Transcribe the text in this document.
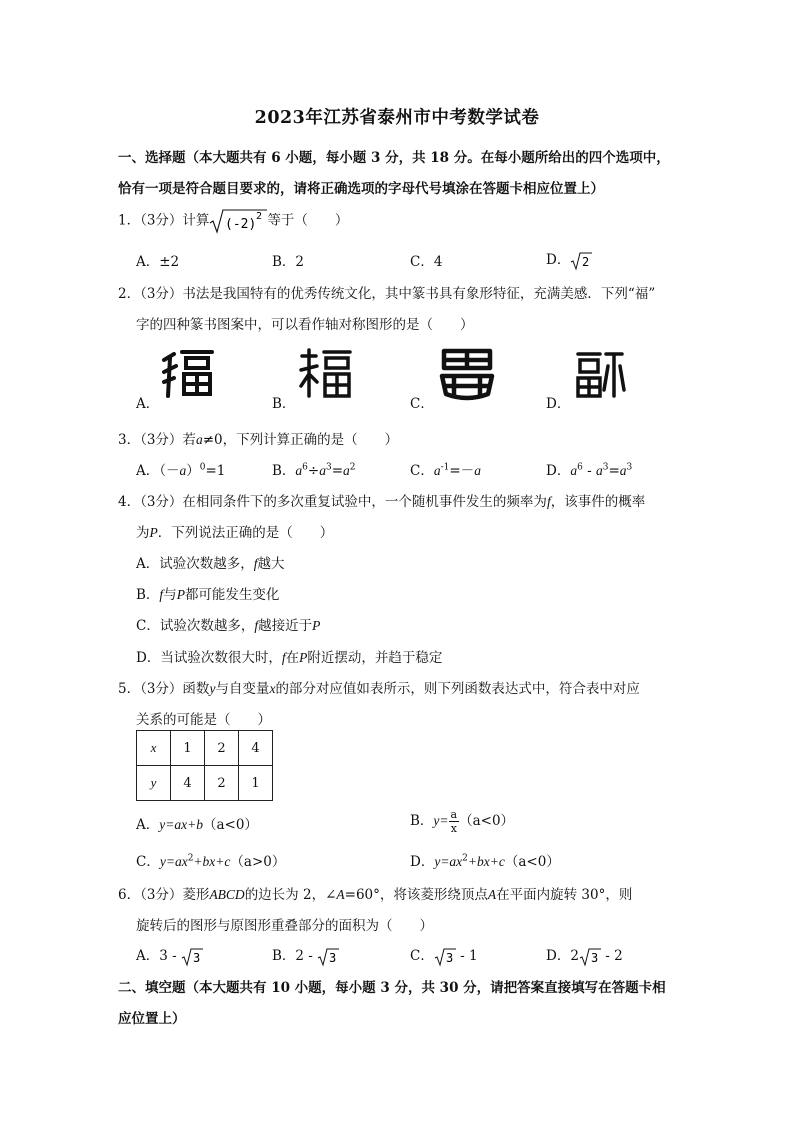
2023年江苏省泰州市中考数学试卷
一、选择题（本大题共有 6 小题，每小题 3 分，共 18 分。在每小题所给出的四个选项中，
恰有一项是符合题目要求的，请将正确选项的字母代号填涂在答题卡相应位置上）
1．（3分）计算 (-2)
2 等于（　　）
A．±2	B．2	C．4	D． 2
2．（3分）书法是我国特有的优秀传统文化，其中篆书具有象形特征，充满美感．下列“福”
字的四种篆书图案中，可以看作轴对称图形的是（　　）
A．	B．	C．	D．
3．（3分）若a≠0，下列计算正确的是（　　）
A．$(-a)^0=1$	B．$a^6\div a^3=a^2$	C．$a^{-1}=-a$	D．$a^6 - a^3=a^3$
4．（3分）在相同条件下的多次重复试验中，一个随机事件发生的频率为f，该事件的概率
为P．下列说法正确的是（　　）
A．试验次数越多，f越大
B．f与P都可能发生变化
C．试验次数越多，f越接近于P
D．当试验次数很大时，f在P附近摆动，并趋于稳定
5．（3分）函数y与自变量x的部分对应值如表所示，则下列函数表达式中，符合表中对应
关系的可能是（　　）
x	1	2	4
y	4	2	1
A．y=ax+b（a<0）	B．$y= \frac{a}{x} (a<0)$
C．$y=ax^2+bx+c(a>0)$	D．$y=ax^2+bx+c(a<0)$
6．（3分）菱形ABCD的边长为 2，∠A=60°，将该菱形绕顶点A在平面内旋转 30°，则
旋转后的图形与原图形重叠部分的面积为（　　）
A．3 - 3	B．2 - 3	C． 3 - 1	D．2 3 - 2
二、填空题（本大题共有 10 小题，每小题 3 分，共 30 分，请把答案直接填写在答题卡相
应位置上）
